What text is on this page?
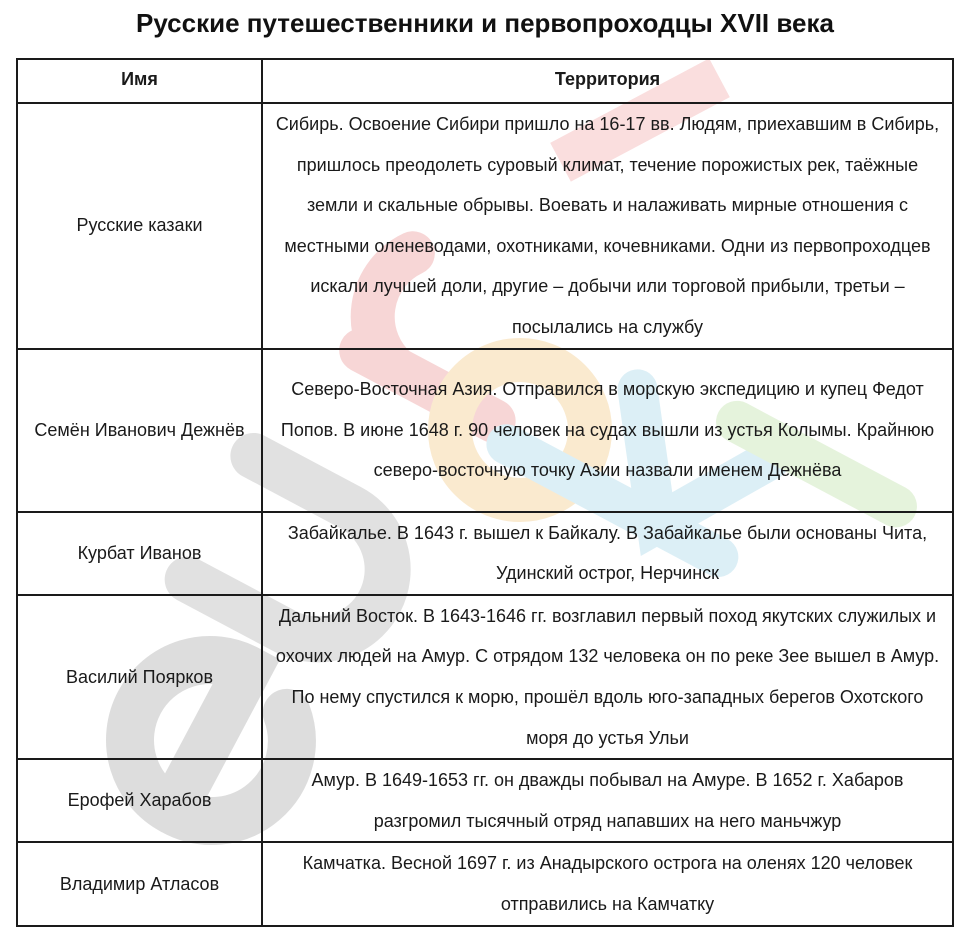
Русские путешественники и первопроходцы XVII века
Имя	Территория
Русские казаки	Сибирь. Освоение Сибири пришло на 16-17 вв. Людям, приехавшим в Сибирь, пришлось преодолеть суровый климат, течение порожистых рек, таёжные земли и скальные обрывы. Воевать и налаживать мирные отношения с местными оленеводами, охотниками, кочевниками. Одни из первопроходцев искали лучшей доли, другие – добычи или торговой прибыли, третьи – посылались на службу
Семён Иванович Дежнёв	Северо-Восточная Азия. Отправился в морскую экспедицию и купец Федот Попов. В июне 1648 г. 90 человек на судах вышли из устья Колымы. Крайнюю северо-восточную точку Азии назвали именем Дежнёва
Курбат Иванов	Забайкалье. В 1643 г. вышел к Байкалу. В Забайкалье были основаны Чита, Удинский острог, Нерчинск
Василий Поярков	Дальний Восток. В 1643-1646 гг. возглавил первый поход якутских служилых и охочих людей на Амур. С отрядом 132 человека он по реке Зее вышел в Амур. По нему спустился к морю, прошёл вдоль юго-западных берегов Охотского моря до устья Ульи
Ерофей Харабов	Амур. В 1649-1653 гг. он дважды побывал на Амуре. В 1652 г. Хабаров разгромил тысячный отряд напавших на него маньчжур
Владимир Атласов	Камчатка. Весной 1697 г. из Анадырского острога на оленях 120 человек отправились на Камчатку
